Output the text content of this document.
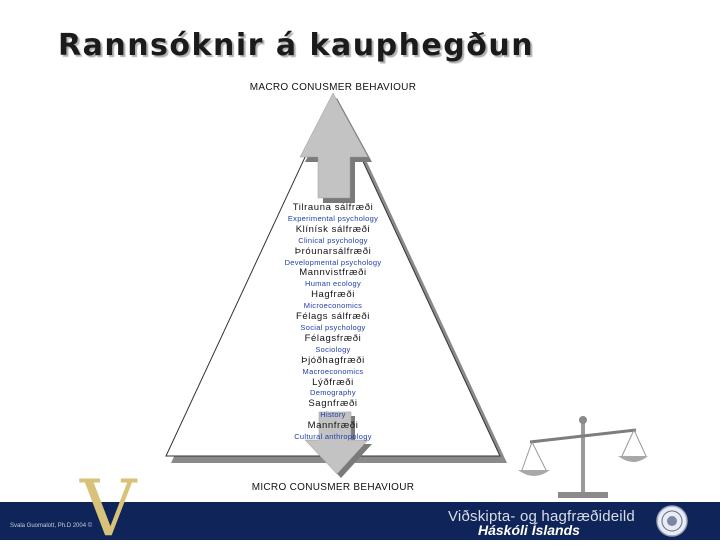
Rannsóknir á kauphegðun
MACRO CONUSMER BEHAVIOUR
Tilrauna sálfræði
Experimental psychology
Klínísk sálfræði
Clinical psychology
Þróunarsálfræði
Developmental psychology
Mannvistfræði
Human ecology
Hagfræði
Microeconomics
Félags sálfræði
Social psychology
Félagsfræði
Sociology
Þjóðhagfræði
Macroeconomics
Lýðfræði
Demography
Sagnfræði
History
Mannfræði
Cultural anthropology
MICRO CONUSMER BEHAVIOUR
V
Svala Guomalott, Ph.D 2004 ©
Viðskipta- og hagfræðideild
Háskóli Íslands
